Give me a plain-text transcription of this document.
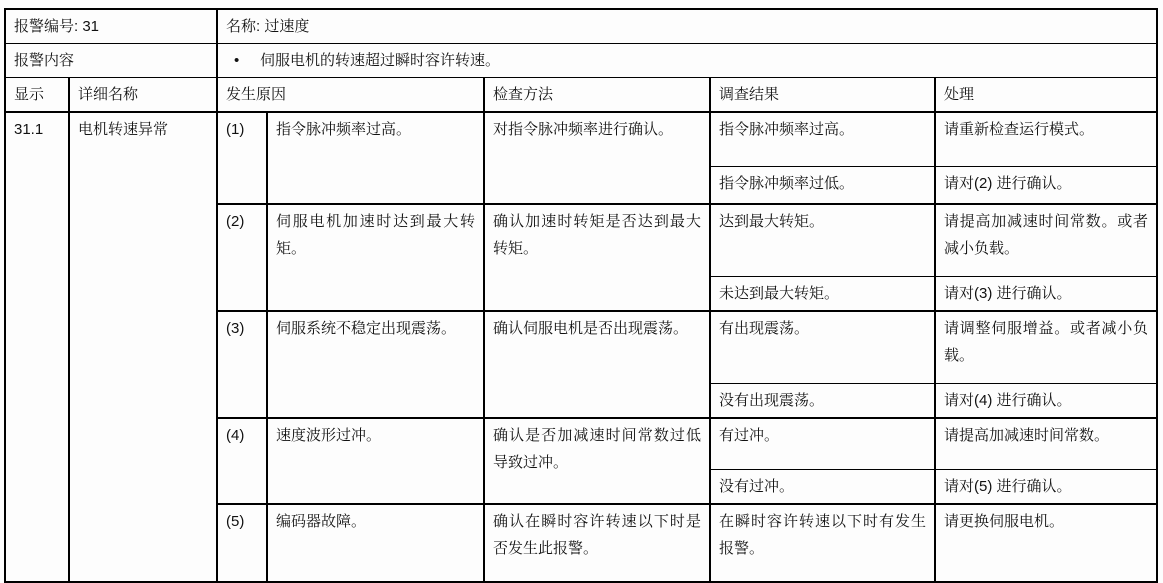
报警编号: 31		名称: 过速度				
报警内容		• 伺服电机的转速超过瞬时容许转速。				
显示	详细名称	发生原因		检查方法	调查结果	处理
31.1	电机转速异常	(1)	指令脉冲频率过高。	对指令脉冲频率进行确认。	指令脉冲频率过高。	请重新检查运行模式。
					指令脉冲频率过低。	请对(2) 进行确认。
		(2)	伺服电机加速时达到最大转矩。	确认加速时转矩是否达到最大转矩。	达到最大转矩。	请提高加减速时间常数。或者减小负载。
					未达到最大转矩。	请对(3) 进行确认。
		(3)	伺服系统不稳定出现震荡。	确认伺服电机是否出现震荡。	有出现震荡。	请调整伺服增益。或者减小负载。
					没有出现震荡。	请对(4) 进行确认。
		(4)	速度波形过冲。	确认是否加减速时间常数过低导致过冲。	有过冲。	请提高加减速时间常数。
					没有过冲。	请对(5) 进行确认。
		(5)	编码器故障。	确认在瞬时容许转速以下时是否发生此报警。	在瞬时容许转速以下时有发生报警。	请更换伺服电机。
